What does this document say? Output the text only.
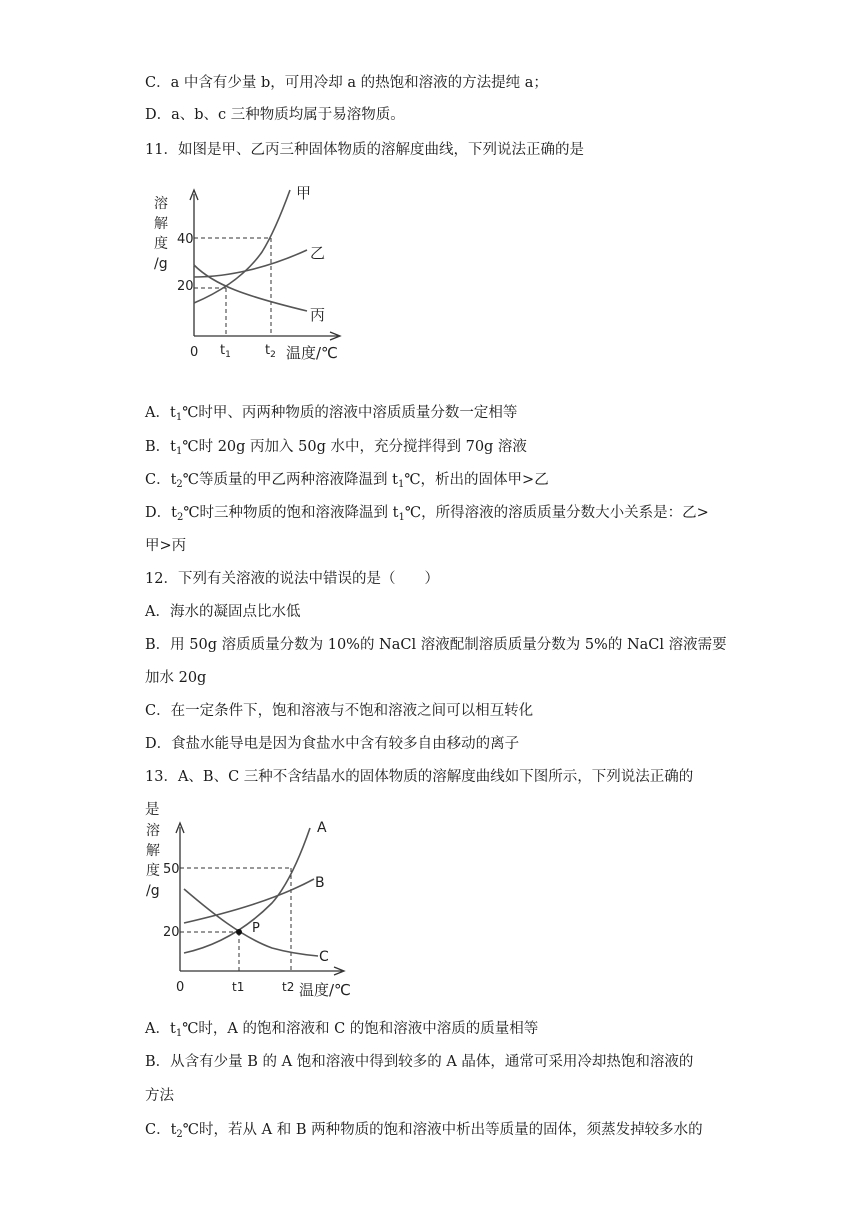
C．a 中含有少量 b，可用冷却 a 的热饱和溶液的方法提纯 a；
D．a、b、c 三种物质均属于易溶物质。
11．如图是甲、乙丙三种固体物质的溶解度曲线，下列说法正确的是
溶
解
度
/g
40
20
0 $t_1$	$t_2$ 温度/℃
甲
乙
丙
A．$t_1℃$时甲、丙两种物质的溶液中溶质质量分数一定相等
B．$t_1℃$时 20g 丙加入 50g 水中，充分搅拌得到 70g 溶液
C．$t_2℃$等质量的甲乙两种溶液降温到 $t_1℃$，析出的固体甲>乙
D．$t_2℃$时三种物质的饱和溶液降温到 $t_1℃$，所得溶液的溶质质量分数大小关系是：乙>
甲>丙
12．下列有关溶液的说法中错误的是（　　）
A．海水的凝固点比水低
B．用 50g 溶质质量分数为 10%的 NaCl 溶液配制溶质质量分数为 5%的 NaCl 溶液需要
加水 20g
C．在一定条件下，饱和溶液与不饱和溶液之间可以相互转化
D．食盐水能导电是因为食盐水中含有较多自由移动的离子
13．A、B、C 三种不含结晶水的固体物质的溶解度曲线如下图所示，下列说法正确的
是
溶
解
度
/g
50
20
0	t1	t2 温度/℃
A
B
C
P
A．$t_1℃$时，A 的饱和溶液和 C 的饱和溶液中溶质的质量相等
B．从含有少量 B 的 A 饱和溶液中得到较多的 A 晶体，通常可采用冷却热饱和溶液的
方法
C．$t_2℃$时，若从 A 和 B 两种物质的饱和溶液中析出等质量的固体，须蒸发掉较多水的
